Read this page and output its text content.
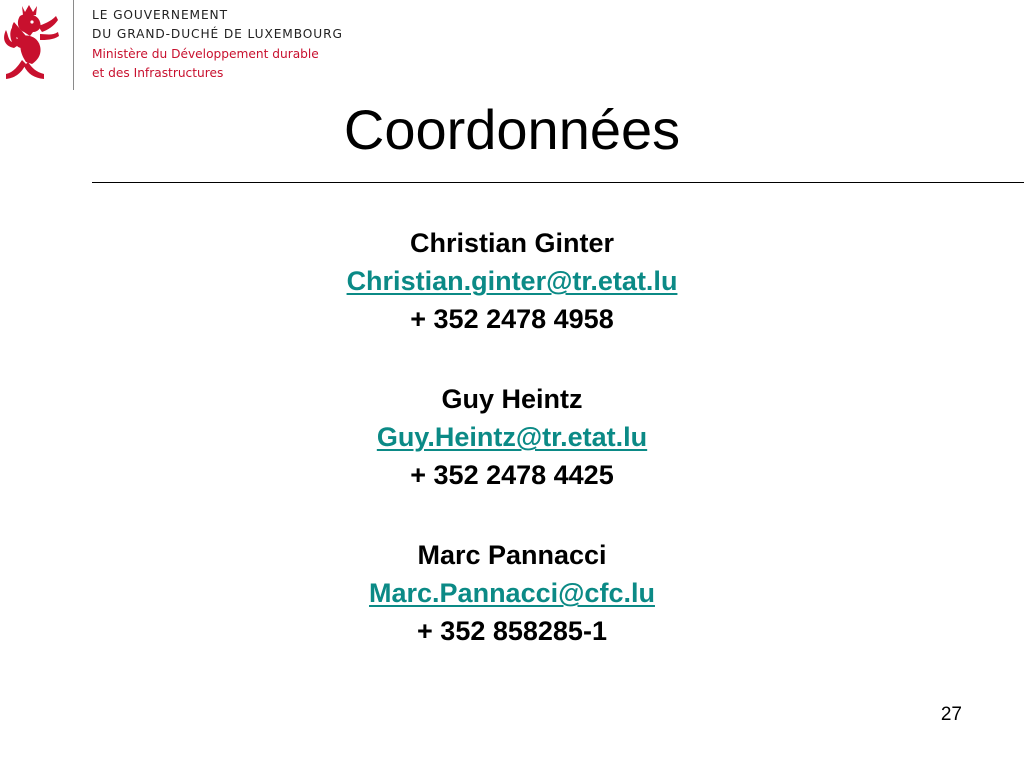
LE GOUVERNEMENT
DU GRAND-DUCHÉ DE LUXEMBOURG
Ministère du Développement durable
et des Infrastructures
Coordonnées
Christian Ginter
Christian.ginter@tr.etat.lu
+ 352 2478 4958
Guy Heintz
Guy.Heintz@tr.etat.lu
+ 352 2478 4425
Marc Pannacci
Marc.Pannacci@cfc.lu
+ 352 858285-1
27
